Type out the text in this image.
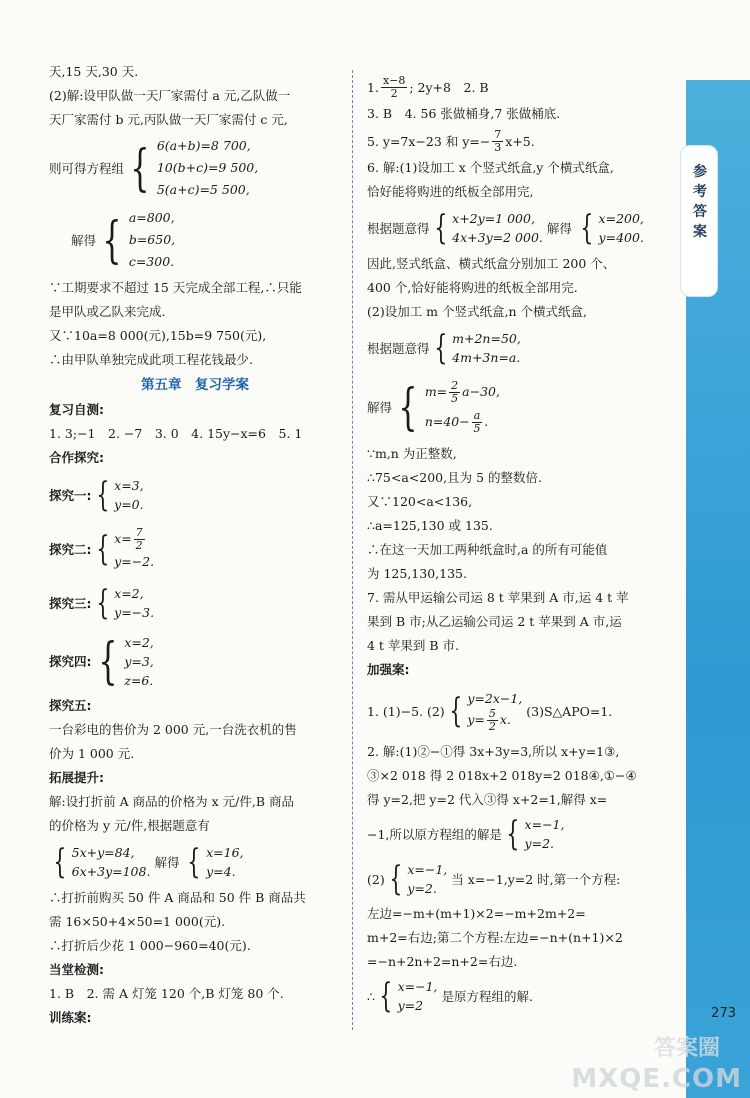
参考答案
天,15 天,30 天.
(2)解:设甲队做一天厂家需付 a 元,乙队做一
天厂家需付 b 元,丙队做一天厂家需付 c 元,
则可得方程组 { 6(a+b)=8 700,
10(b+c)=9 500,
5(a+c)=5 500,
解得 { a=800,
b=650,
c=300.
∵工期要求不超过 15 天完成全部工程,∴只能
是甲队或乙队来完成.
又∵10a=8 000(元),15b=9 750(元),
∴由甲队单独完成此项工程花钱最少.
第五章　复习学案
复习自测:
1. 3;−1　2. −7　3. 0　4. 15y−x=6　5. 1
合作探究:
探究一: { x=3,
y=0.
探究二: { $x= \frac{7}{2}$
y=−2.
探究三: { x=2,
y=−3.
探究四: { x=2,
y=3,
z=6.
探究五:
一台彩电的售价为 2 000 元,一台洗衣机的售
价为 1 000 元.
拓展提升:
解:设打折前 A 商品的价格为 x 元/件,B 商品
的价格为 y 元/件,根据题意有
{ 5x+y=84,
6x+3y=108.
解得 { x=16,
y=4.
∴打折前购买 50 件 A 商品和 50 件 B 商品共
需 16×50+4×50=1 000(元).
∴打折后少花 1 000−960=40(元).
当堂检测:
1. B　2. 需 A 灯笼 120 个,B 灯笼 80 个.
训练案:
1. $\frac{x-8}{2}$ ; 2y+8　2. B
3. B　4. 56 张做桶身,7 张做桶底.
5. y=7x−23 和 $y=- \frac{7}{3} x+5$.
6. 解:(1)设加工 x 个竖式纸盒,y 个横式纸盒,
恰好能将购进的纸板全部用完,
根据题意得 { x+2y=1 000,
4x+3y=2 000.
解得 { x=200,
y=400.
因此,竖式纸盒、横式纸盒分别加工 200 个、
400 个,恰好能将购进的纸板全部用完.
(2)设加工 m 个竖式纸盒,n 个横式纸盒,
根据题意得 { m+2n=50,
4m+3n=a.
解得 { $m= \frac{2}{5} a-30$,
$n=40- \frac{a}{5}$ .
∵m,n 为正整数,
∴75<a<200,且为 5 的整数倍.
又∵120<a<136,
∴a=125,130 或 135.
∴在这一天加工两种纸盒时,a 的所有可能值
为 125,130,135.
7. 需从甲运输公司运 8 t 苹果到 A 市,运 4 t 苹
果到 B 市;从乙运输公司运 2 t 苹果到 A 市,运
4 t 苹果到 B 市.
加强案:
1. (1)−5. (2) { y=2x−1,
$y= \frac{5}{2} x$.
(3)S△APO=1.
2. 解:(1)②−①得 3x+3y=3,所以 x+y=1③,
③×2 018 得 2 018x+2 018y=2 018④,①−④
得 y=2,把 y=2 代入③得 x+2=1,解得 x=
−1,所以原方程组的解是 { x=−1,
y=2.
(2) { x=−1,
y=2.
当 x=−1,y=2 时,第一个方程:
左边=−m+(m+1)×2=−m+2m+2=
m+2=右边;第二个方程:左边=−n+(n+1)×2
=−n+2n+2=n+2=右边.
∴ { x=−1,
y=2
是原方程组的解.
273
答案圈
MXQE.COM
